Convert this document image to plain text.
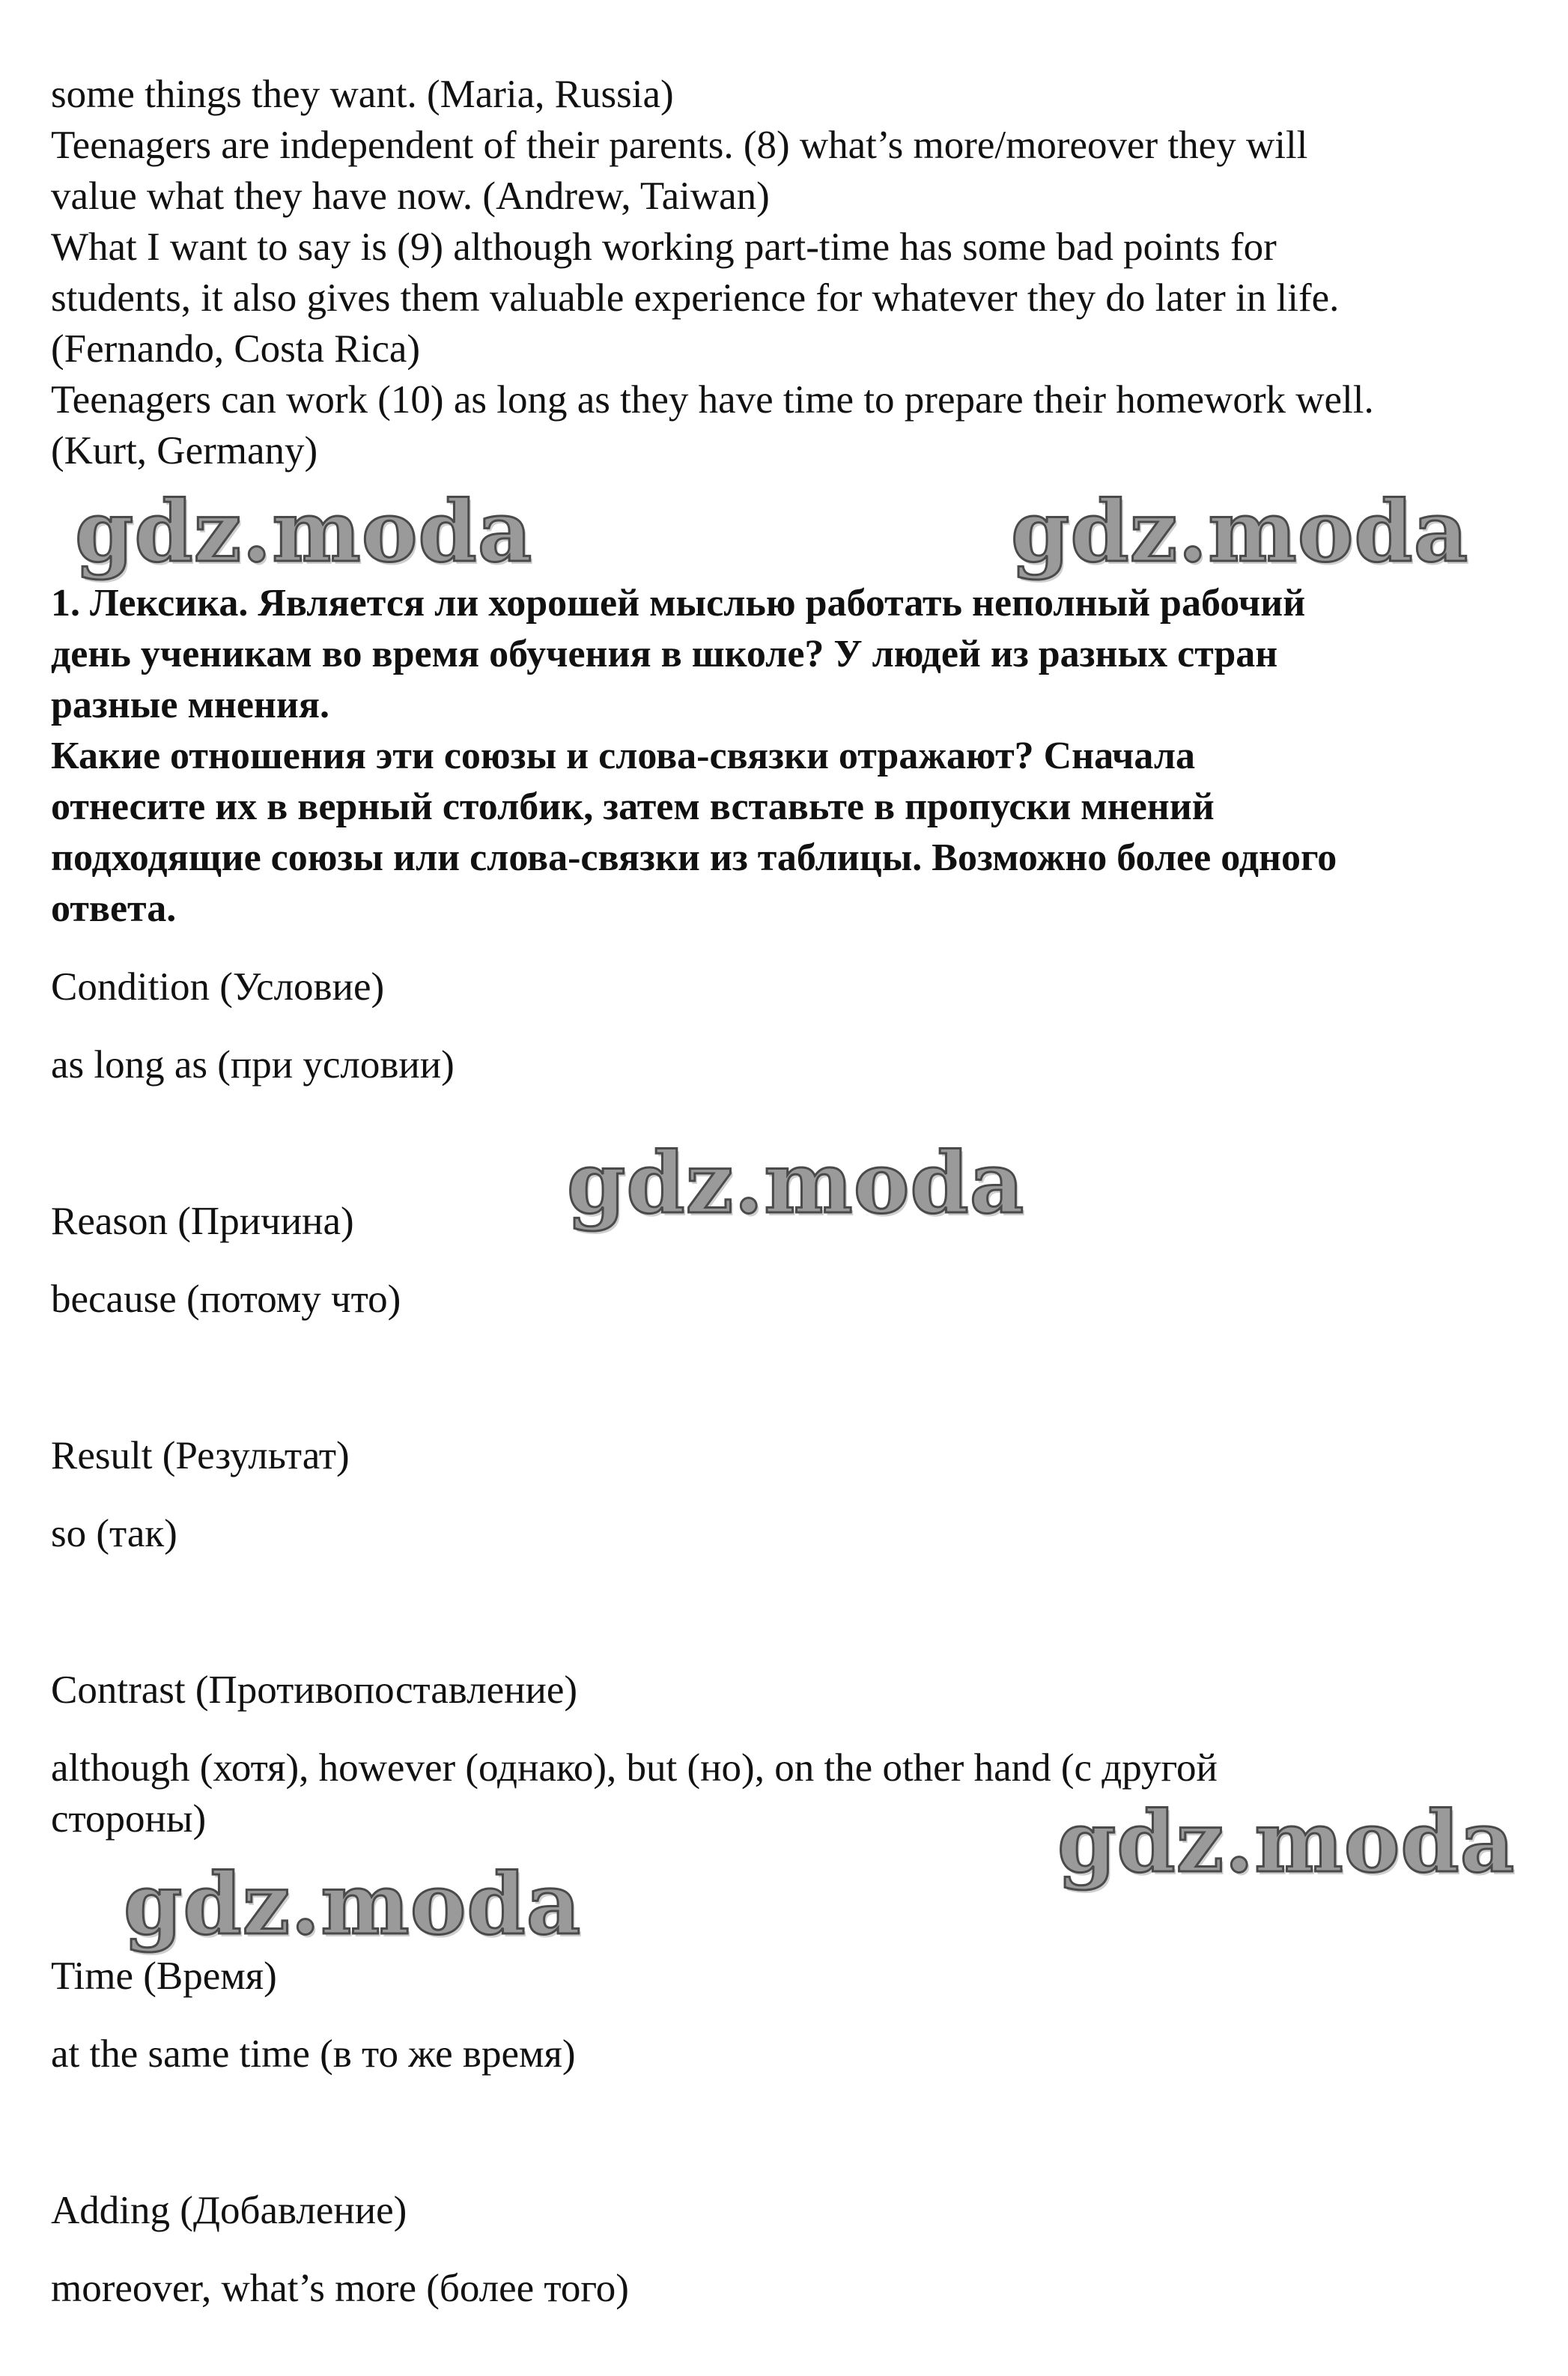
some things they want. (Maria, Russia)
Teenagers are independent of their parents. (8) what’s more/moreover they will
value what they have now. (Andrew, Taiwan)
What I want to say is (9) although working part-time has some bad points for
students, it also gives them valuable experience for whatever they do later in life.
(Fernando, Costa Rica)
Teenagers can work (10) as long as they have time to prepare their homework well.
(Kurt, Germany)
gdz.moda	gdz.moda
1. Лексика. Является ли хорошей мыслью работать неполный рабочий
день ученикам во время обучения в школе? У людей из разных стран
разные мнения.
Какие отношения эти союзы и слова-связки отражают? Сначала
отнесите их в верный столбик, затем вставьте в пропуски мнений
подходящие союзы или слова-связки из таблицы. Возможно более одного
ответа.
Condition (Условие)
as long as (при условии)
gdz.moda
Reason (Причина)
because (потому что)
Result (Результат)
so (так)
Contrast (Противопоставление)
although (хотя), however (однако), but (но), on the other hand (с другой
стороны)	gdz.moda
gdz.moda
Time (Время)
at the same time (в то же время)
Adding (Добавление)
moreover, what’s more (более того)
